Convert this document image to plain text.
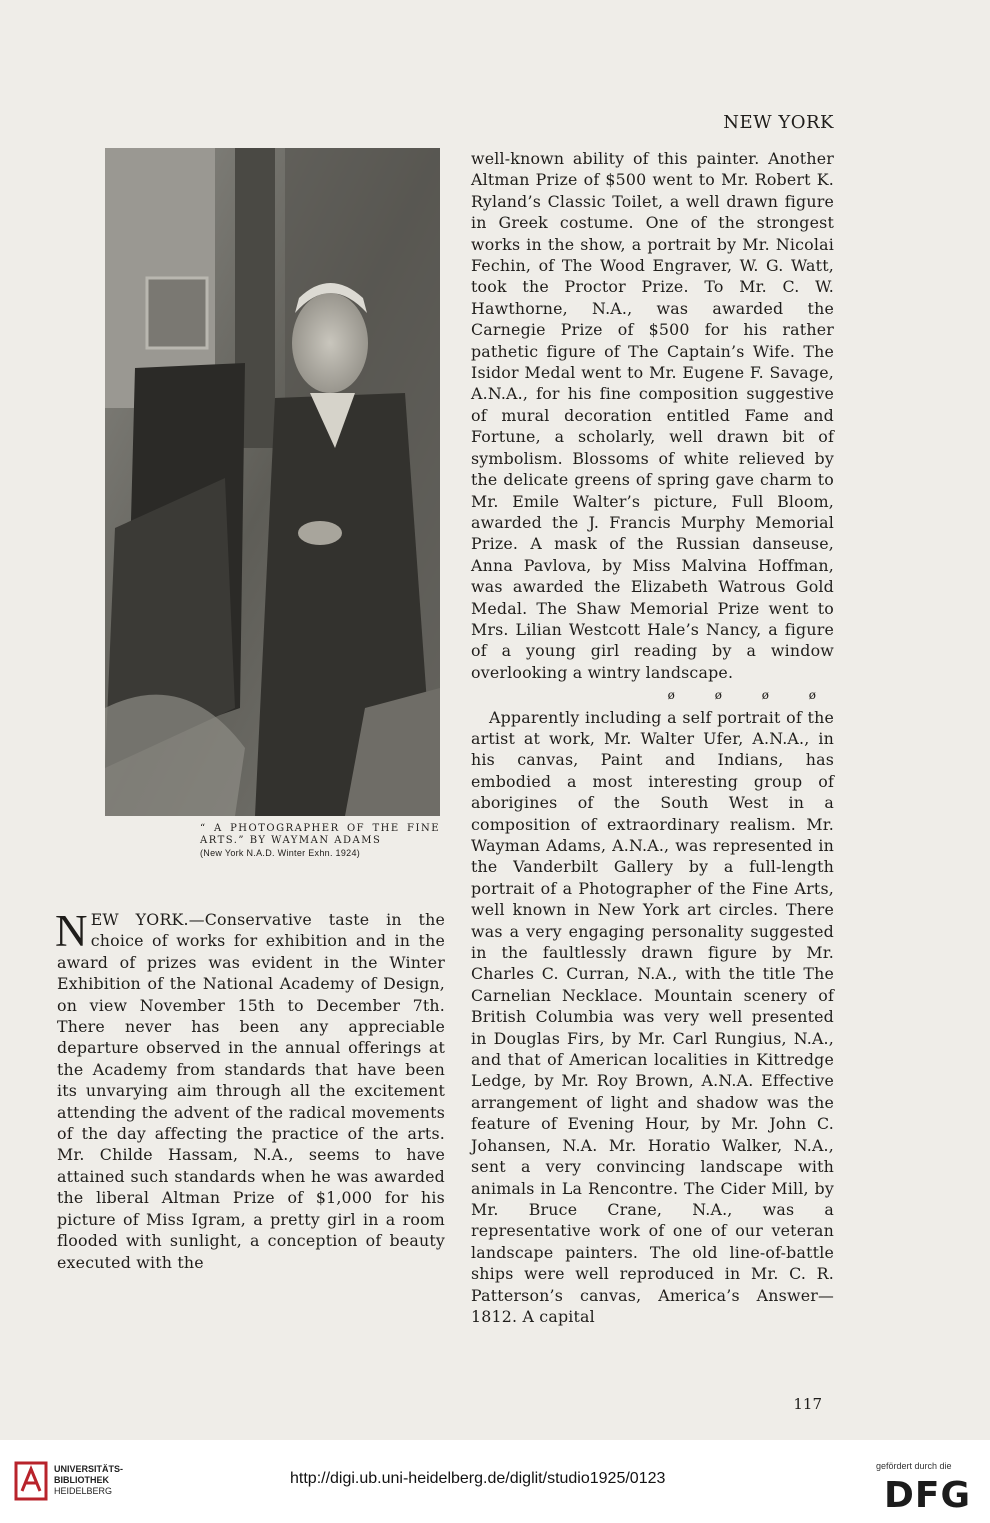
NEW YORK
“ A PHOTOGRAPHER OF THE FINE ARTS.” BY WAYMAN ADAMS
(New York N.A.D. Winter Exhn. 1924)

well-known ability of this painter. Another Altman Prize of $500 went to Mr. Robert K. Ryland’s Classic Toilet, a well drawn figure in Greek costume. One of the strongest works in the show, a portrait by Mr. Nicolai Fechin, of The Wood Engraver, W. G. Watt, took the Proctor Prize. To Mr. C. W. Hawthorne, N.A., was awarded the Carnegie Prize of $500 for his rather pathetic figure of The Captain’s Wife. The Isidor Medal went to Mr. Eugene F. Savage, A.N.A., for his fine composition suggestive of mural decoration entitled Fame and Fortune, a scholarly, well drawn bit of symbolism. Blossoms of white relieved by the delicate greens of spring gave charm to Mr. Emile Walter’s picture, Full Bloom, awarded the J. Francis Murphy Memorial Prize. A mask of the Russian danseuse, Anna Pavlova, by Miss Malvina Hoffman, was awarded the Elizabeth Watrous Gold Medal. The Shaw Memorial Prize went to Mrs. Lilian Westcott Hale’s Nancy, a figure of a young girl reading by a window overlooking a wintry landscape.

ø ø ø ø

Apparently including a self portrait of the artist at work, Mr. Walter Ufer, A.N.A., in his canvas, Paint and Indians, has embodied a most interesting group of aborigines of the South West in a composition of extraordinary realism. Mr. Wayman Adams, A.N.A., was represented in the Vanderbilt Gallery by a full-length portrait of a Photographer of the Fine Arts, well known in New York art circles. There was a very engaging personality suggested in the faultlessly drawn figure by Mr. Charles C. Curran, N.A., with the title The Carnelian Necklace. Mountain scenery of British Columbia was very well presented in Douglas Firs, by Mr. Carl Rungius, N.A., and that of American localities in Kittredge Ledge, by Mr. Roy Brown, A.N.A. Effective arrangement of light and shadow was the feature of Evening Hour, by Mr. John C. Johansen, N.A. Mr. Horatio Walker, N.A., sent a very convincing landscape with animals in La Rencontre. The Cider Mill, by Mr. Bruce Crane, N.A., was a representative work of one of our veteran landscape painters. The old line-of-battle ships were well reproduced in Mr. C. R. Patterson’s canvas, America’s Answer—1812. A capital

NEW YORK.—Conservative taste in the choice of works for exhibition and in the award of prizes was evident in the Winter Exhibition of the National Academy of Design, on view November 15th to December 7th. There never has been any appreciable departure observed in the annual offerings at the Academy from standards that have been its unvarying aim through all the excitement attending the advent of the radical movements of the day affecting the practice of the arts. Mr. Childe Hassam, N.A., seems to have attained such standards when he was awarded the liberal Altman Prize of $1,000 for his picture of Miss Igram, a pretty girl in a room flooded with sunlight, a conception of beauty executed with the

117
UNIVERSITÄTS-
BIBLIOTHEK
HEIDELBERG
http://digi.ub.uni-heidelberg.de/diglit/studio1925/0123
gefördert durch die
DFG
